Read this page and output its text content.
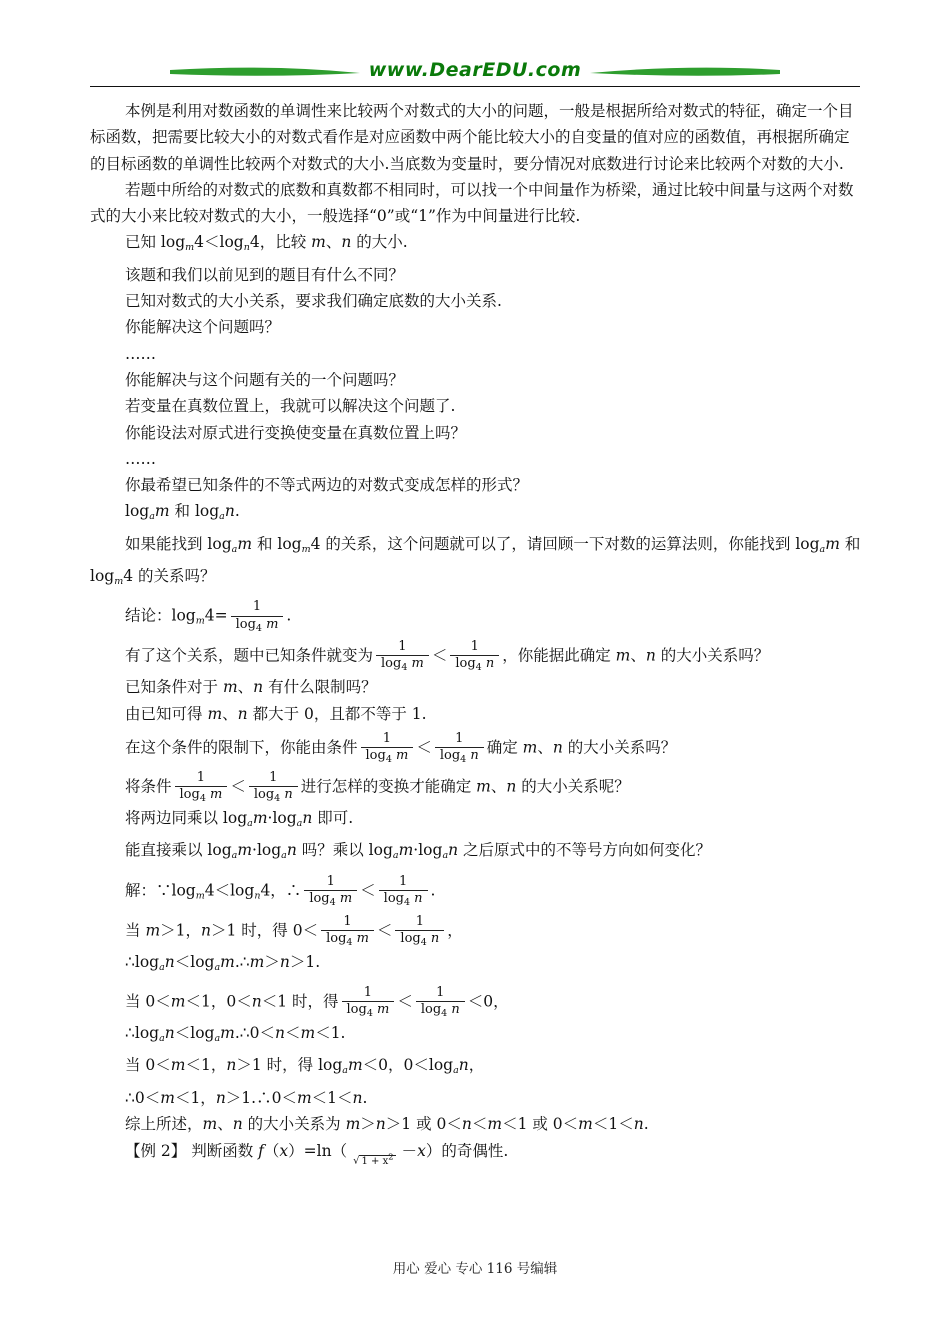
www.DearEDU.com

本例是利用对数函数的单调性来比较两个对数式的大小的问题，一般是根据所给对数式的特征，确定一个目标函数，把需要比较大小的对数式看作是对应函数中两个能比较大小的自变量的值对应的函数值，再根据所确定的目标函数的单调性比较两个对数式的大小.当底数为变量时，要分情况对底数进行讨论来比较两个对数的大小.

若题中所给的对数式的底数和真数都不相同时，可以找一个中间量作为桥梁，通过比较中间量与这两个对数式的大小来比较对数式的大小，一般选择“0”或“1”作为中间量进行比较.

已知 $\log_m4<\log_n4$，比较 m、n 的大小.
该题和我们以前见到的题目有什么不同？
已知对数式的大小关系，要求我们确定底数的大小关系.
你能解决这个问题吗？
……
你能解决与这个问题有关的一个问题吗？
若变量在真数位置上，我就可以解决这个问题了.
你能设法对原式进行变换使变量在真数位置上吗？
……
你最希望已知条件的不等式两边的对数式变成怎样的形式？
$\log_am$ 和 $\log_an$.

如果能找到 $\log_am$ 和 $\log_m4$ 的关系，这个问题就可以了，请回顾一下对数的运算法则，你能找到 $\log_am$ 和 $\log_m4$ 的关系吗？

结论：$\log_m4= \frac{1}{\log_4 m}$ .
有了这个关系，题中已知条件就变为 $\frac{1}{\log_4 m} < \frac{1}{\log_4 n}$ ，你能据此确定 m、n 的大小关系吗？
已知条件对于 m、n 有什么限制吗？
由已知可得 m、n 都大于 0，且都不等于 1.
在这个条件的限制下，你能由条件 $\frac{1}{\log_4 m} < \frac{1}{\log_4 n}$ 确定 m、n 的大小关系吗？
将条件 $\frac{1}{\log_4 m} < \frac{1}{\log_4 n}$ 进行怎样的变换才能确定 m、n 的大小关系呢？
将两边同乘以 $\log_am\cdot\log_an$ 即可.
能直接乘以 $\log_am\cdot\log_an$ 吗？乘以 $\log_am\cdot\log_an$ 之后原式中的不等号方向如何变化？
解：$\because\log_m4<\log_n4$，∴ $\frac{1}{\log_4 m} < \frac{1}{\log_4 n}$ .
当 m＞1，n＞1 时，得 $0< \frac{1}{\log_4 m} < \frac{1}{\log_4 n}$ ，
$\therefore\log_an<\log_am.\therefore m>n>1$.
当 0＜m＜1，0＜n＜1 时，得 $\frac{1}{\log_4 m} < \frac{1}{\log_4 n} <0$，
$\therefore\log_an<\log_am.\therefore 0<n<m<1$.
当 0＜m＜1，n＞1 时，得 $\log_am<0$，$0<\log_an$，
∴0＜m＜1，n＞1.∴0＜m＜1＜n.
综上所述，m、n 的大小关系为 m＞n＞1 或 0＜n＜m＜1 或 0＜m＜1＜n.
【例 2】 判断函数 f（x）=ln（√ $1 + x^2 -x$）的奇偶性.
用心 爱心 专心 116 号编辑
